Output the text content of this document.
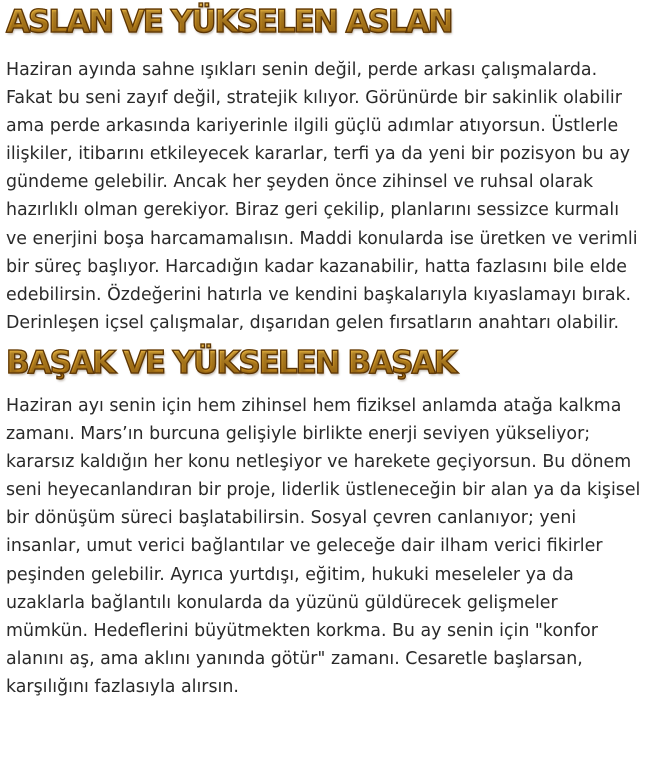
ASLAN VE YÜKSELEN ASLAN

Haziran ayında sahne ışıkları senin değil, perde arkası çalışmalarda. Fakat bu seni zayıf değil, stratejik kılıyor. Görünürde bir sakinlik olabilir ama perde arkasında kariyerinle ilgili güçlü adımlar atıyorsun. Üstlerle ilişkiler, itibarını etkileyecek kararlar, terfi ya da yeni bir pozisyon bu ay gündeme gelebilir. Ancak her şeyden önce zihinsel ve ruhsal olarak hazırlıklı olman gerekiyor. Biraz geri çekilip, planlarını sessizce kurmalı ve enerjini boşa harcamamalısın. Maddi konularda ise üretken ve verimli bir süreç başlıyor. Harcadığın kadar kazanabilir, hatta fazlasını bile elde edebilirsin. Özdeğerini hatırla ve kendini başkalarıyla kıyaslamayı bırak. Derinleşen içsel çalışmalar, dışarıdan gelen fırsatların anahtarı olabilir.

BAŞAK VE YÜKSELEN BAŞAK

Haziran ayı senin için hem zihinsel hem fiziksel anlamda atağa kalkma zamanı. Mars’ın burcuna gelişiyle birlikte enerji seviyen yükseliyor; kararsız kaldığın her konu netleşiyor ve harekete geçiyorsun. Bu dönem seni heyecanlandıran bir proje, liderlik üstleneceğin bir alan ya da kişisel bir dönüşüm süreci başlatabilirsin. Sosyal çevren canlanıyor; yeni insanlar, umut verici bağlantılar ve geleceğe dair ilham verici fikirler peşinden gelebilir. Ayrıca yurtdışı, eğitim, hukuki meseleler ya da uzaklarla bağlantılı konularda da yüzünü güldürecek gelişmeler mümkün. Hedeflerini büyütmekten korkma. Bu ay senin için "konfor alanını aş, ama aklını yanında götür" zamanı. Cesaretle başlarsan, karşılığını fazlasıyla alırsın.
